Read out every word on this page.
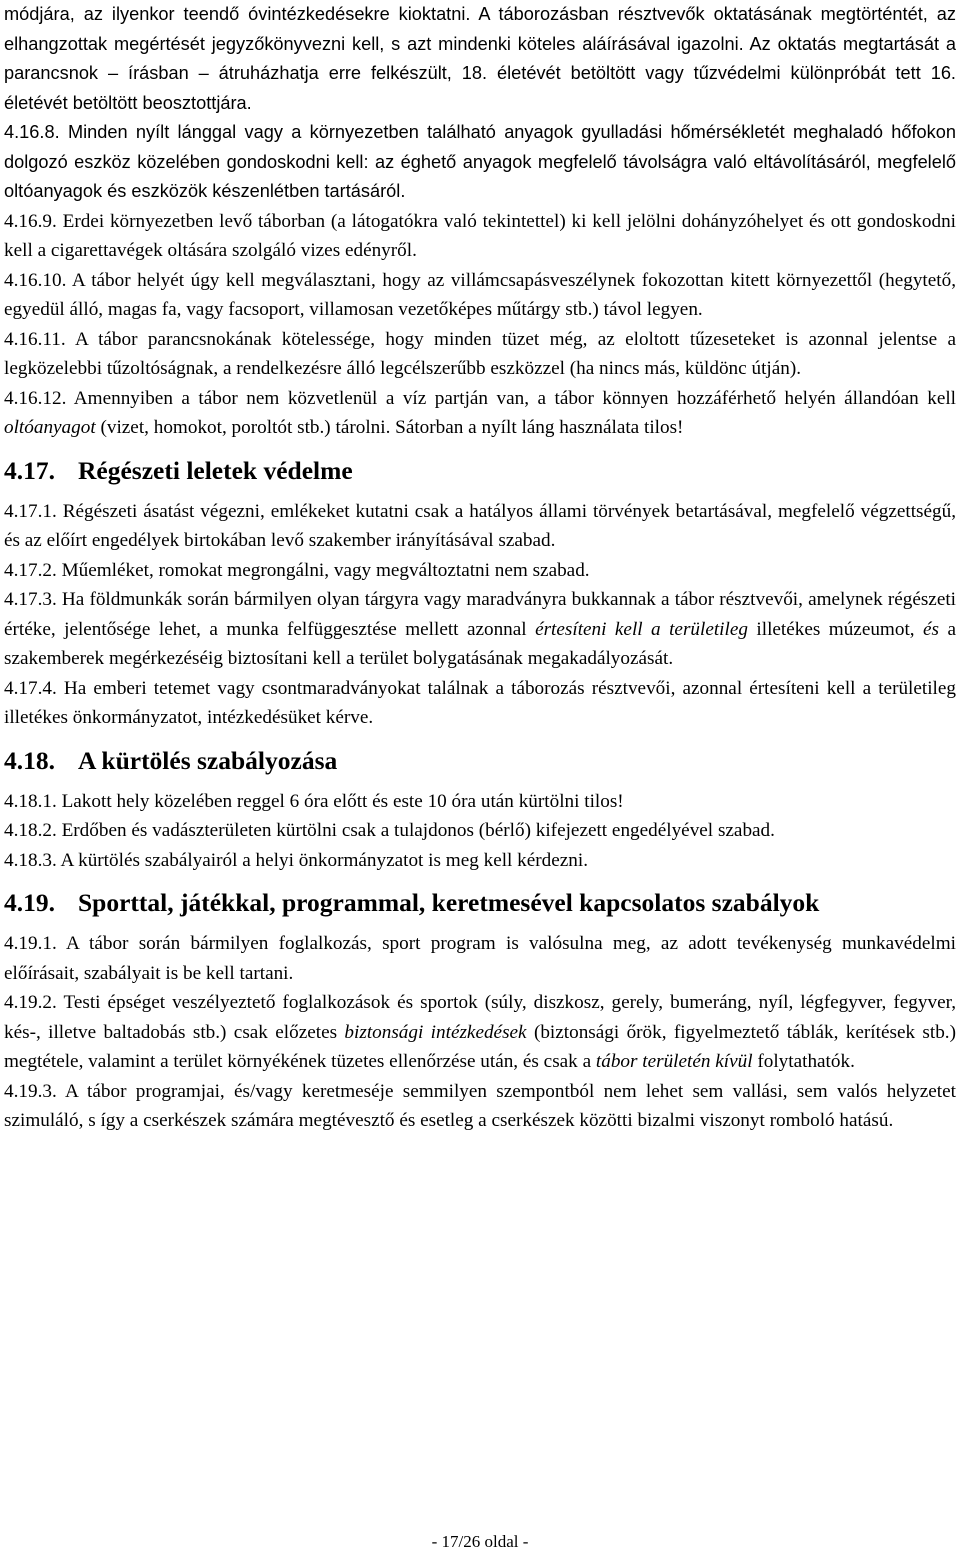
módjára, az ilyenkor teendő óvintézkedésekre kioktatni. A táborozásban résztvevők oktatásának megtörténtét, az elhangzottak megértését jegyzőkönyvezni kell, s azt mindenki köteles aláírásával igazolni. Az oktatás megtartását a parancsnok – írásban – átruházhatja erre felkészült, 18. életévét betöltött vagy tűzvédelmi különpróbát tett 16. életévét betöltött beosztottjára.

4.16.8. Minden nyílt lánggal vagy a környezetben található anyagok gyulladási hőmérsékletét meghaladó hőfokon dolgozó eszköz közelében gondoskodni kell: az éghető anyagok megfelelő távolságra való eltávolításáról, megfelelő oltóanyagok és eszközök készenlétben tartásáról.

4.16.9. Erdei környezetben levő táborban (a látogatókra való tekintettel) ki kell jelölni dohányzóhelyet és ott gondoskodni kell a cigarettavégek oltására szolgáló vizes edényről.

4.16.10. A tábor helyét úgy kell megválasztani, hogy az villámcsapásveszélynek fokozottan kitett környezettől (hegytető, egyedül álló, magas fa, vagy facsoport, villamosan vezetőképes műtárgy stb.) távol legyen.

4.16.11. A tábor parancsnokának kötelessége, hogy minden tüzet még, az eloltott tűzeseteket is azonnal jelentse a legközelebbi tűzoltóságnak, a rendelkezésre álló legcélszerűbb eszközzel (ha nincs más, küldönc útján).

4.16.12. Amennyiben a tábor nem közvetlenül a víz partján van, a tábor könnyen hozzáférhető helyén állandóan kell oltóanyagot (vizet, homokot, poroltót stb.) tárolni. Sátorban a nyílt láng használata tilos!

4.17. Régészeti leletek védelme

4.17.1. Régészeti ásatást végezni, emlékeket kutatni csak a hatályos állami törvények betartásával, megfelelő végzettségű, és az előírt engedélyek birtokában levő szakember irányításával szabad.

4.17.2. Műemléket, romokat megrongálni, vagy megváltoztatni nem szabad.

4.17.3. Ha földmunkák során bármilyen olyan tárgyra vagy maradványra bukkannak a tábor résztvevői, amelynek régészeti értéke, jelentősége lehet, a munka felfüggesztése mellett azonnal értesíteni kell a területileg illetékes múzeumot, és a szakemberek megérkezéséig biztosítani kell a terület bolygatásának megakadályozását.

4.17.4. Ha emberi tetemet vagy csontmaradványokat találnak a táborozás résztvevői, azonnal értesíteni kell a területileg illetékes önkormányzatot, intézkedésüket kérve.

4.18. A kürtölés szabályozása

4.18.1. Lakott hely közelében reggel 6 óra előtt és este 10 óra után kürtölni tilos!

4.18.2. Erdőben és vadászterületen kürtölni csak a tulajdonos (bérlő) kifejezett engedélyével szabad.

4.18.3. A kürtölés szabályairól a helyi önkormányzatot is meg kell kérdezni.

4.19. Sporttal, játékkal, programmal, keretmesével kapcsolatos szabályok

4.19.1. A tábor során bármilyen foglalkozás, sport program is valósulna meg, az adott tevékenység munkavédelmi előírásait, szabályait is be kell tartani.

4.19.2. Testi épséget veszélyeztető foglalkozások és sportok (súly, diszkosz, gerely, bumeráng, nyíl, légfegyver, fegyver, kés-, illetve baltadobás stb.) csak előzetes biztonsági intézkedések (biztonsági őrök, figyelmeztető táblák, kerítések stb.) megtétele, valamint a terület környékének tüzetes ellenőrzése után, és csak a tábor területén kívül folytathatók.

4.19.3. A tábor programjai, és/vagy keretmeséje semmilyen szempontból nem lehet sem vallási, sem valós helyzetet szimuláló, s így a cserkészek számára megtévesztő és esetleg a cserkészek közötti bizalmi viszonyt romboló hatású.

- 17/26 oldal -
